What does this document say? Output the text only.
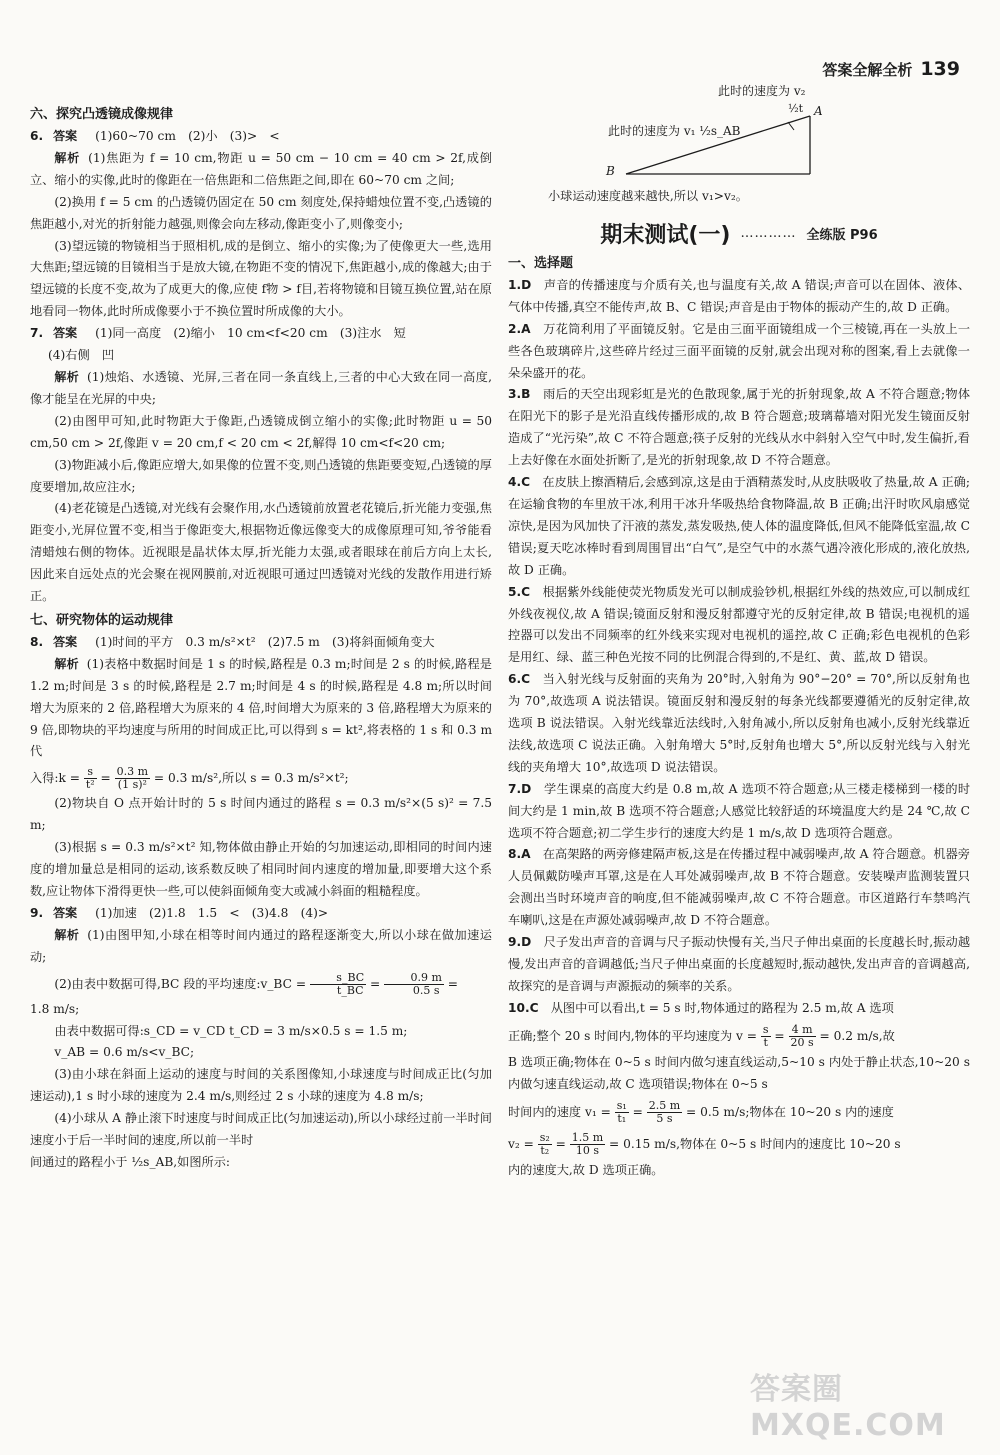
答案全解全析 139

六、探究凸透镜成像规律

6. 答案 (1)60~70 cm　(2)小　(3)>　<

解析 (1)焦距为 f = 10 cm,物距 u = 50 cm − 10 cm = 40 cm > 2f,成倒立、缩小的实像,此时的像距在一倍焦距和二倍焦距之间,即在 60~70 cm 之间;

(2)换用 f = 5 cm 的凸透镜仍固定在 50 cm 刻度处,保持蜡烛位置不变,凸透镜的焦距越小,对光的折射能力越强,则像会向左移动,像距变小了,则像变小;

(3)望远镜的物镜相当于照相机,成的是倒立、缩小的实像;为了使像更大一些,选用大焦距;望远镜的目镜相当于是放大镜,在物距不变的情况下,焦距越小,成的像越大;由于望远镜的长度不变,故为了成更大的像,应使 f物 > f目,若将物镜和目镜互换位置,站在原地看同一物体,此时所成像要小于不换位置时所成像的大小。

7. 答案 (1)同一高度　(2)缩小　10 cm<f<20 cm　(3)注水　短

(4)右侧　凹

解析 (1)烛焰、水透镜、光屏,三者在同一条直线上,三者的中心大致在同一高度,像才能呈在光屏的中央;

(2)由图甲可知,此时物距大于像距,凸透镜成倒立缩小的实像;此时物距 u = 50 cm,50 cm > 2f,像距 v = 20 cm,f < 20 cm < 2f,解得 10 cm<f<20 cm;

(3)物距减小后,像距应增大,如果像的位置不变,则凸透镜的焦距要变短,凸透镜的厚度要增加,故应注水;

(4)老花镜是凸透镜,对光线有会聚作用,水凸透镜前放置老花镜后,折光能力变强,焦距变小,光屏位置不变,相当于像距变大,根据物近像远像变大的成像原理可知,爷爷能看清蜡烛右侧的物体。近视眼是晶状体太厚,折光能力太强,或者眼球在前后方向上太长,因此来自远处点的光会聚在视网膜前,对近视眼可通过凹透镜对光线的发散作用进行矫正。

七、研究物体的运动规律

8. 答案 (1)时间的平方　0.3 m/s²×t²　(2)7.5 m　(3)将斜面倾角变大

解析 (1)表格中数据时间是 1 s 的时候,路程是 0.3 m;时间是 2 s 的时候,路程是 1.2 m;时间是 3 s 的时候,路程是 2.7 m;时间是 4 s 的时候,路程是 4.8 m;所以时间增大为原来的 2 倍,路程增大为原来的 4 倍,时间增大为原来的 3 倍,路程增大为原来的 9 倍,即物块的平均速度与所用的时间成正比,可以得到 s = kt²,将表格的 1 s 和 0.3 m 代

入得:k = $\frac{s}{\text{t²}} = \frac{0.3 m}{\text{(1 s)²}} = 0.3$ m/s²,所以 s = 0.3 m/s²×t²;

(2)物块自 O 点开始计时的 5 s 时间内通过的路程 s = 0.3 m/s²×(5 s)² = 7.5 m;

(3)根据 s = 0.3 m/s²×t² 知,物体做由静止开始的匀加速运动,即相同的时间内速度的增加量总是相同的运动,该系数反映了相同时间内速度的增加量,即要增大这个系数,应让物体下滑得更快一些,可以使斜面倾角变大或减小斜面的粗糙程度。

9. 答案 (1)加速　(2)1.8　1.5　<　(3)4.8　(4)>

解析 (1)由图甲知,小球在相等时间内通过的路程逐渐变大,所以小球在做加速运动;

(2)由表中数据可得,BC 段的平均速度:v_BC = $\frac{s\_BC}{t\_BC} = \frac{0.9 m}{0.5 s}$ =

1.8 m/s;

由表中数据可得:s_CD = v_CD t_CD = 3 m/s×0.5 s = 1.5 m;

v_AB = 0.6 m/s<v_BC;

(3)由小球在斜面上运动的速度与时间的关系图像知,小球速度与时间成正比(匀加速运动),1 s 时小球的速度为 2.4 m/s,则经过 2 s 小球的速度为 4.8 m/s;

(4)小球从 A 静止滚下时速度与时间成正比(匀加速运动),所以小球经过前一半时间速度小于后一半时间的速度,所以前一半时

间通过的路程小于 ½s_AB,如图所示:

此时的速度为 v₂
此时的速度为 v₁ ½s_AB
½t A
B

小球运动速度越来越快,所以 v₁>v₂。

期末测试(一) ………… 全练版 P96

一、选择题

1.D　 声音的传播速度与介质有关,也与温度有关,故 A 错误;声音可以在固体、液体、气体中传播,真空不能传声,故 B、C 错误;声音是由于物体的振动产生的,故 D 正确。

2.A　 万花筒利用了平面镜反射。它是由三面平面镜组成一个三棱镜,再在一头放上一些各色玻璃碎片,这些碎片经过三面平面镜的反射,就会出现对称的图案,看上去就像一朵朵盛开的花。

3.B　 雨后的天空出现彩虹是光的色散现象,属于光的折射现象,故 A 不符合题意;物体在阳光下的影子是光沿直线传播形成的,故 B 符合题意;玻璃幕墙对阳光发生镜面反射造成了“光污染”,故 C 不符合题意;筷子反射的光线从水中斜射入空气中时,发生偏折,看上去好像在水面处折断了,是光的折射现象,故 D 不符合题意。

4.C　 在皮肤上擦酒精后,会感到凉,这是由于酒精蒸发时,从皮肤吸收了热量,故 A 正确;在运输食物的车里放干冰,利用干冰升华吸热给食物降温,故 B 正确;出汗时吹风扇感觉凉快,是因为风加快了汗液的蒸发,蒸发吸热,使人体的温度降低,但风不能降低室温,故 C 错误;夏天吃冰棒时看到周围冒出“白气”,是空气中的水蒸气遇冷液化形成的,液化放热,故 D 正确。

5.C　 根据紫外线能使荧光物质发光可以制成验钞机,根据红外线的热效应,可以制成红外线夜视仪,故 A 错误;镜面反射和漫反射都遵守光的反射定律,故 B 错误;电视机的遥控器可以发出不同频率的红外线来实现对电视机的遥控,故 C 正确;彩色电视机的色彩是用红、绿、蓝三种色光按不同的比例混合得到的,不是红、黄、蓝,故 D 错误。

6.C　 当入射光线与反射面的夹角为 20°时,入射角为 90°−20° = 70°,所以反射角也为 70°,故选项 A 说法错误。镜面反射和漫反射的每条光线都要遵循光的反射定律,故选项 B 说法错误。入射光线靠近法线时,入射角减小,所以反射角也减小,反射光线靠近法线,故选项 C 说法正确。入射角增大 5°时,反射角也增大 5°,所以反射光线与入射光线的夹角增大 10°,故选项 D 说法错误。

7.D　 学生课桌的高度大约是 0.8 m,故 A 选项不符合题意;从三楼走楼梯到一楼的时间大约是 1 min,故 B 选项不符合题意;人感觉比较舒适的环境温度大约是 24 ℃,故 C 选项不符合题意;初二学生步行的速度大约是 1 m/s,故 D 选项符合题意。

8.A　 在高架路的两旁修建隔声板,这是在传播过程中减弱噪声,故 A 符合题意。机器旁人员佩戴防噪声耳罩,这是在人耳处减弱噪声,故 B 不符合题意。安装噪声监测装置只会测出当时环境声音的响度,但不能减弱噪声,故 C 不符合题意。市区道路行车禁鸣汽车喇叭,这是在声源处减弱噪声,故 D 不符合题意。

9.D　 尺子发出声音的音调与尺子振动快慢有关,当尺子伸出桌面的长度越长时,振动越慢,发出声音的音调越低;当尺子伸出桌面的长度越短时,振动越快,发出声音的音调越高,故探究的是音调与声源振动的频率的关系。

10.C　 从图中可以看出,t = 5 s 时,物体通过的路程为 2.5 m,故 A 选项

正确;整个 20 s 时间内,物体的平均速度为 $v = \frac{s}{t} = \frac{4 m}{20 s} = 0.2$ m/s,故

B 选项正确;物体在 0~5 s 时间内做匀速直线运动,5~10 s 内处于静止状态,10~20 s 内做匀速直线运动,故 C 选项错误;物体在 0~5 s

时间内的速度 $v_1 = \frac{\text{s₁}}{\text{t₁}} = \frac{2.5 m}{5 s} = 0.5$ m/s;物体在 10~20 s 内的速度

$v_2 = \frac{\text{s₂}}{\text{t₂}} = \frac{1.5 m}{10 s} = 0.15$ m/s,物体在 0~5 s 时间内的速度比 10~20 s

内的速度大,故 D 选项正确。

答案圈 MXQE.COM
